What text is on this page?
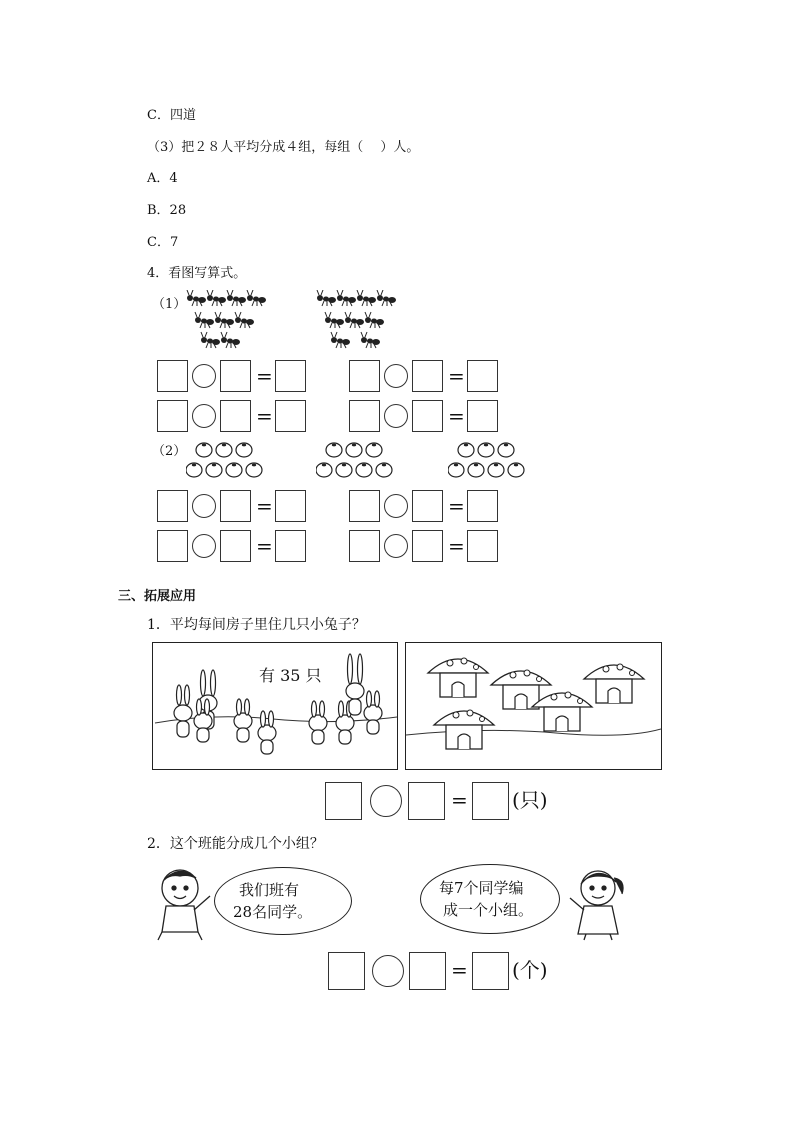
C．四道
（3）把２８人平均分成４组，每组（　 ）人。
A．4
B．28
C．7
4．看图写算式。
（1）
=	=
=	=
（2）
=	=
=	=
三、拓展应用
1．平均每间房子里住几只小兔子？
有 35 只
= (只)
2．这个班能分成几个小组？
我们班有
28名同学。
每7个同学编
成一个小组。
= (个)
